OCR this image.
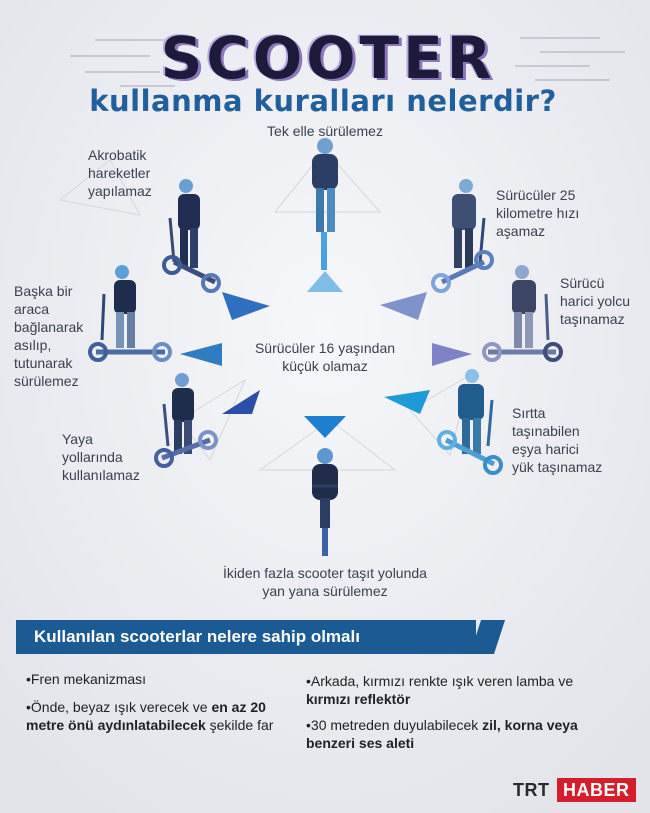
SCOOTER
kullanma kuralları nelerdir?
Tek elle sürülemez
Akrobatik
hareketler
yapılamaz	Sürücüler 25
kilometre hızı
aşamaz
Başka bir
araca
bağlanarak
asılıp,
tutunarak
sürülemez
Sürücü
harici yolcu
taşınamaz
Sürücüler 16 yaşından
küçük olamaz
Yaya
yollarında
kullanılamaz
Sırtta
taşınabilen
eşya harici
yük taşınamaz
İkiden fazla scooter taşıt yolunda
yan yana sürülemez
Kullanılan scooterlar nelere sahip olmalı
•Fren mekanizması
•Önde, beyaz ışık verecek ve en az 20 metre önü aydınlatabilecek şekilde far
•Arkada, kırmızı renkte ışık veren lamba ve kırmızı reflektör
•30 metreden duyulabilecek zil, korna veya benzeri ses aleti
TRT HABER
